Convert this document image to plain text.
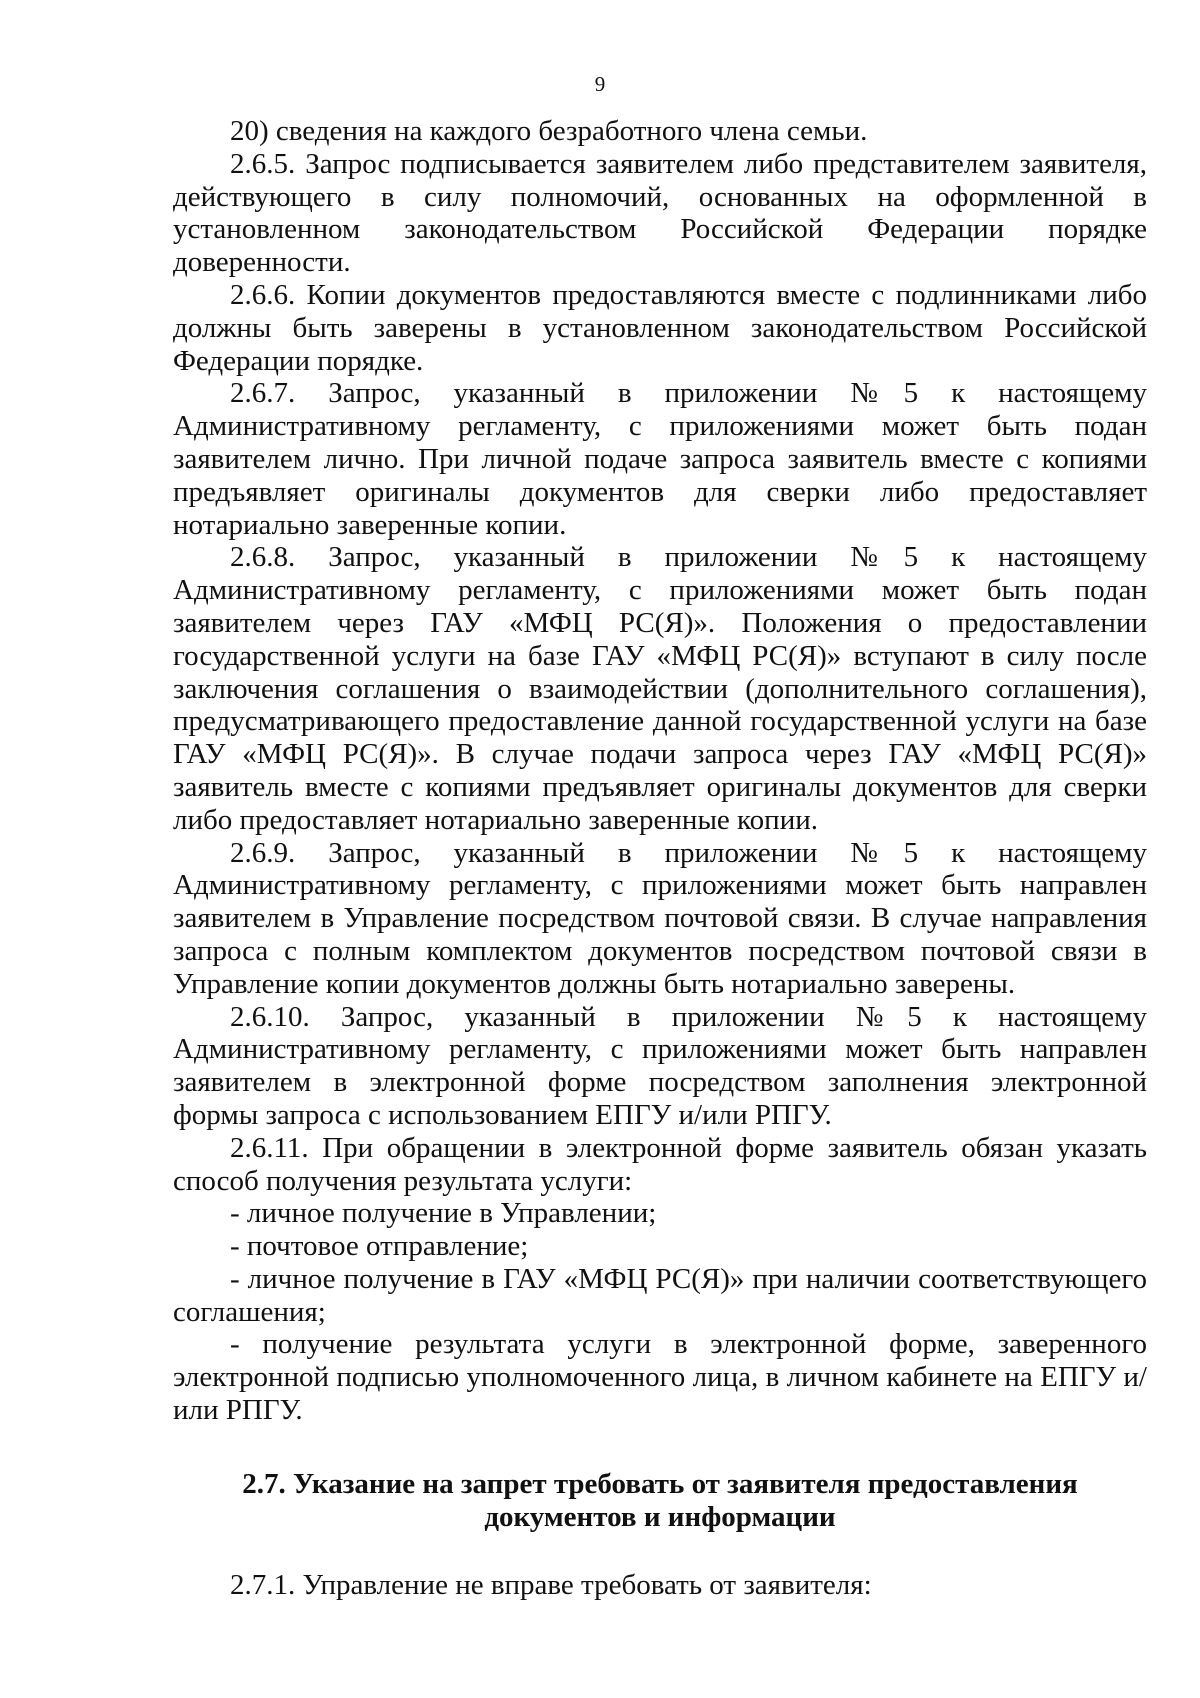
9

20) сведения на каждого безработного члена семьи.

2.6.5. Запрос подписывается заявителем либо представителем заявителя, действующего в силу полномочий, основанных на оформленной в установленном законодательством Российской Федерации порядке доверенности.

2.6.6. Копии документов предоставляются вместе с подлинниками либо должны быть заверены в установленном законодательством Российской Федерации порядке.

2.6.7. Запрос, указанный в приложении №5 к настоящему Административному регламенту, с приложениями может быть подан заявителем лично. При личной подаче запроса заявитель вместе с копиями предъявляет оригиналы документов для сверки либо предоставляет нотариально заверенные копии.

2.6.8. Запрос, указанный в приложении №5 к настоящему Административному регламенту, с приложениями может быть подан заявителем через ГАУ «МФЦ РС(Я)». Положения о предоставлении государственной услуги на базе ГАУ «МФЦ РС(Я)» вступают в силу после заключения соглашения о взаимодействии (дополнительного соглашения), предусматривающего предоставление данной государственной услуги на базе ГАУ «МФЦ РС(Я)». В случае подачи запроса через ГАУ «МФЦ РС(Я)» заявитель вместе с копиями предъявляет оригиналы документов для сверки либо предоставляет нотариально заверенные копии.

2.6.9. Запрос, указанный в приложении №5 к настоящему Административному регламенту, с приложениями может быть направлен заявителем в Управление посредством почтовой связи. В случае направления запроса с полным комплектом документов посредством почтовой связи в Управление копии документов должны быть нотариально заверены.

2.6.10. Запрос, указанный в приложении №5 к настоящему Административному регламенту, с приложениями может быть направлен заявителем в электронной форме посредством заполнения электронной формы запроса с использованием ЕПГУ и/или РПГУ.

2.6.11. При обращении в электронной форме заявитель обязан указать способ получения результата услуги:

- личное получение в Управлении;

- почтовое отправление;

- личное получение в ГАУ «МФЦ РС(Я)» при наличии соответствующего соглашения;

- получение результата услуги в электронной форме, заверенного электронной подписью уполномоченного лица, в личном кабинете на ЕПГУ и/или РПГУ.

2.7. Указание на запрет требовать от заявителя предоставления
документов и информации

2.7.1. Управление не вправе требовать от заявителя:
